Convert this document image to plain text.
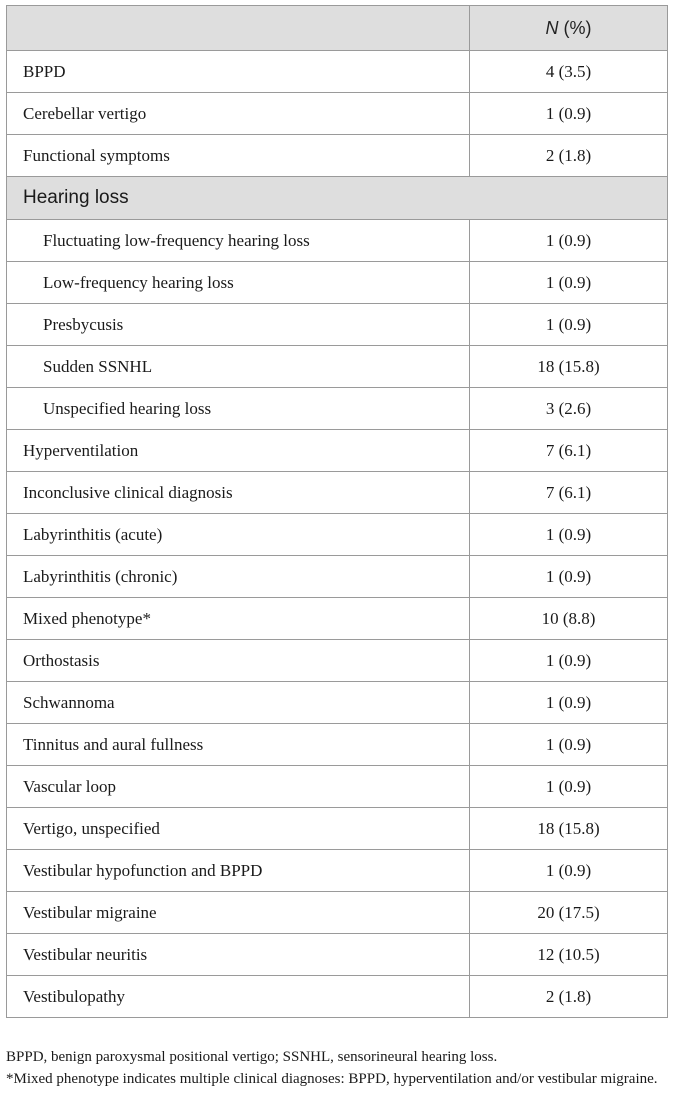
	N (%)
BPPD	4 (3.5)
Cerebellar vertigo	1 (0.9)
Functional symptoms	2 (1.8)
Hearing loss	
Fluctuating low-frequency hearing loss	1 (0.9)
Low-frequency hearing loss	1 (0.9)
Presbycusis	1 (0.9)
Sudden SSNHL	18 (15.8)
Unspecified hearing loss	3 (2.6)
Hyperventilation	7 (6.1)
Inconclusive clinical diagnosis	7 (6.1)
Labyrinthitis (acute)	1 (0.9)
Labyrinthitis (chronic)	1 (0.9)
Mixed phenotype*	10 (8.8)
Orthostasis	1 (0.9)
Schwannoma	1 (0.9)
Tinnitus and aural fullness	1 (0.9)
Vascular loop	1 (0.9)
Vertigo, unspecified	18 (15.8)
Vestibular hypofunction and BPPD	1 (0.9)
Vestibular migraine	20 (17.5)
Vestibular neuritis	12 (10.5)
Vestibulopathy	2 (1.8)

BPPD, benign paroxysmal positional vertigo; SSNHL, sensorineural hearing loss.

*Mixed phenotype indicates multiple clinical diagnoses: BPPD, hyperventilation and/or vestibular migraine.
